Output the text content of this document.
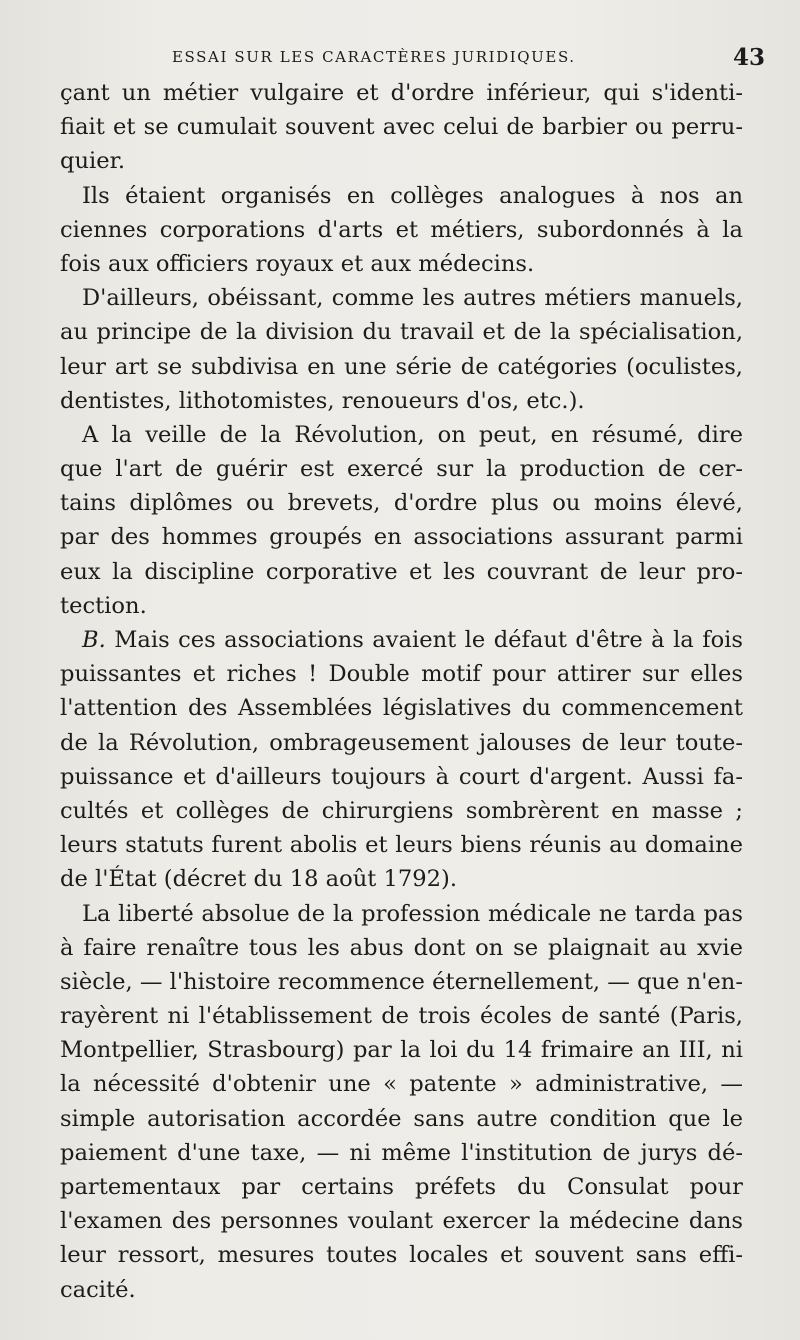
ESSAI SUR LES CARACTÈRES JURIDIQUES.	43
çant un métier vulgaire et d'ordre inférieur, qui s'identi-
fiait et se cumulait souvent avec celui de barbier ou perru-
quier.
Ils étaient organisés en collèges analogues à nos an
ciennes corporations d'arts et métiers, subordonnés à la
fois aux officiers royaux et aux médecins.
D'ailleurs, obéissant, comme les autres métiers manuels,
au principe de la division du travail et de la spécialisation,
leur art se subdivisa en une série de catégories (oculistes,
dentistes, lithotomistes, renoueurs d'os, etc.).
A la veille de la Révolution, on peut, en résumé, dire
que l'art de guérir est exercé sur la production de cer-
tains diplômes ou brevets, d'ordre plus ou moins élevé,
par des hommes groupés en associations assurant parmi
eux la discipline corporative et les couvrant de leur pro-
tection.
B. Mais ces associations avaient le défaut d'être à la fois
puissantes et riches ! Double motif pour attirer sur elles
l'attention des Assemblées législatives du commencement
de la Révolution, ombrageusement jalouses de leur toute-
puissance et d'ailleurs toujours à court d'argent. Aussi fa-
cultés et collèges de chirurgiens sombrèrent en masse ;
leurs statuts furent abolis et leurs biens réunis au domaine
de l'État (décret du 18 août 1792).
La liberté absolue de la profession médicale ne tarda pas
à faire renaître tous les abus dont on se plaignait au xvie
siècle, — l'histoire recommence éternellement, — que n'en-
rayèrent ni l'établissement de trois écoles de santé (Paris,
Montpellier, Strasbourg) par la loi du 14 frimaire an III, ni
la nécessité d'obtenir une « patente » administrative, —
simple autorisation accordée sans autre condition que le
paiement d'une taxe, — ni même l'institution de jurys dé-
partementaux par certains préfets du Consulat pour
l'examen des personnes voulant exercer la médecine dans
leur ressort, mesures toutes locales et souvent sans effi-
cacité.
